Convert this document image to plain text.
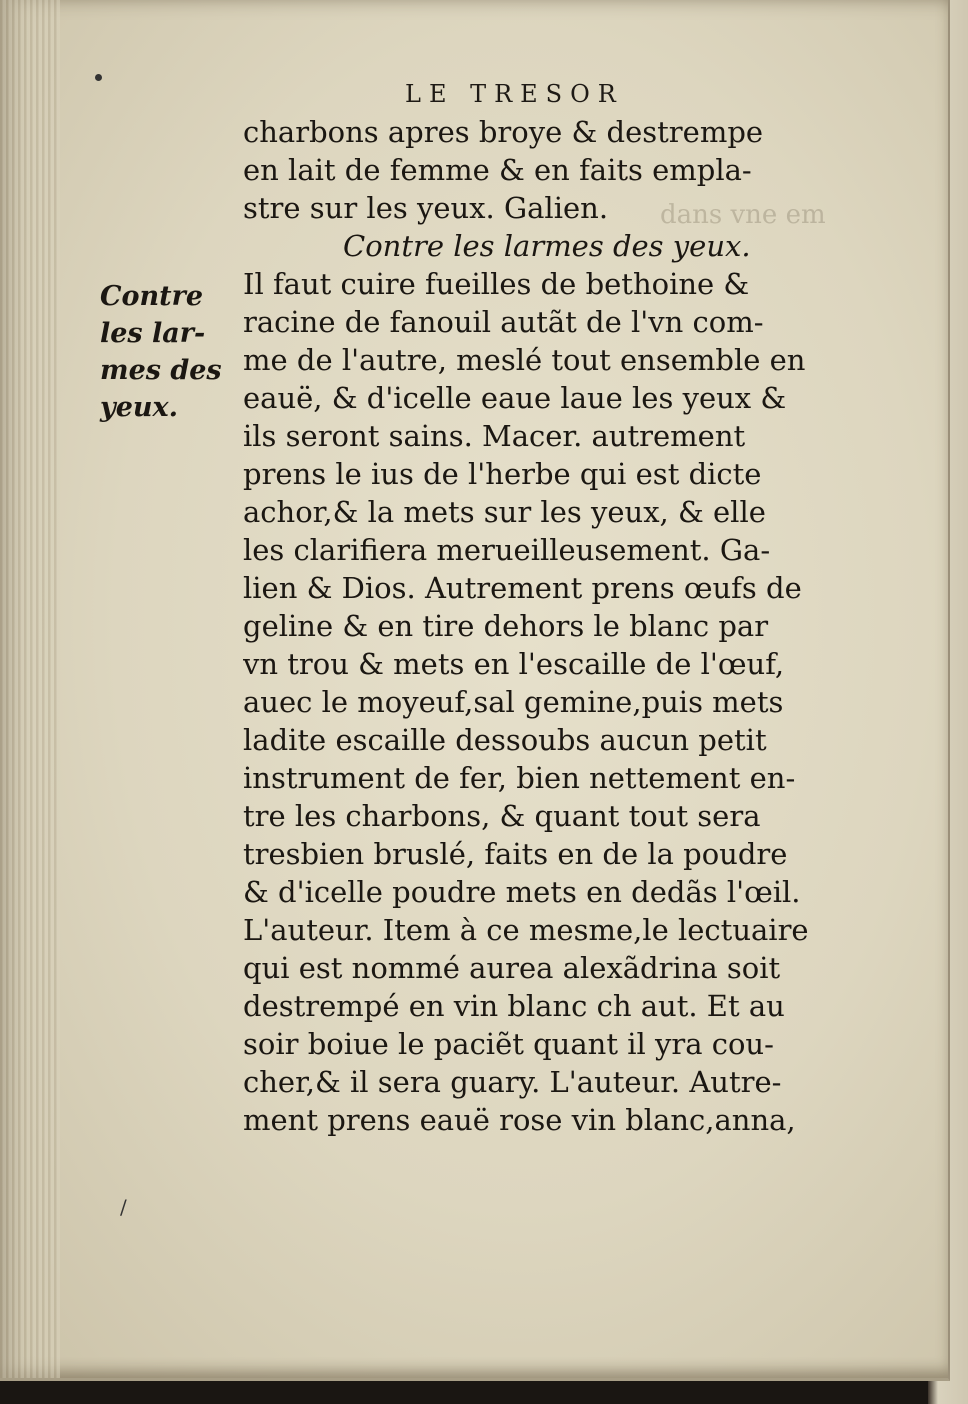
LE TRESOR
dans vne em
Contre
les lar-
mes des
yeux.
charbons apres broye & destrempe
en lait de femme & en faits empla-
stre sur les yeux. Galien.
Contre les larmes des yeux.
Il faut cuire fueilles de bethoine &
racine de fanouil autãt de l'vn com-
me de l'autre, meslé tout ensemble en
eauë, & d'icelle eaue laue les yeux &
ils seront sains. Macer. autrement
prens le ius de l'herbe qui est dicte
achor,& la mets sur les yeux, & elle
les clarifiera merueilleusement. Ga-
lien & Dios. Autrement prens œufs de
geline & en tire dehors le blanc par
vn trou & mets en l'escaille de l'œuf,
auec le moyeuf,sal gemine,puis mets
ladite escaille dessoubs aucun petit
instrument de fer, bien nettement en-
tre les charbons, & quant tout sera
tresbien bruslé, faits en de la poudre
& d'icelle poudre mets en dedãs l'œil.
L'auteur. Item à ce mesme,le lectuaire
qui est nommé aurea alexãdrina soit
destrempé en vin blanc ch aut. Et au
soir boiue le paciẽt quant il yra cou-
cher,& il sera guary. L'auteur. Autre-
ment prens eauë rose vin blanc,anna,
/
